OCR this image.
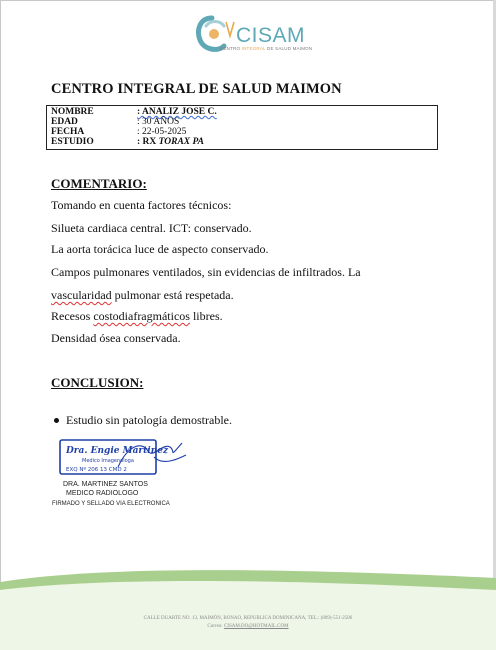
CISAM
CENTRO INTEGRAL DE SALUD MAIMON
CENTRO INTEGRAL DE SALUD MAIMON
NOMBRE	: ANALIZ JOSE C.
EDAD	: 30 AÑOS
FECHA	: 22-05-2025
ESTUDIO	: RX TORAX PA
COMENTARIO:
Tomando en cuenta factores técnicos:
Silueta cardiaca central. ICT: conservado.
La aorta torácica luce de aspecto conservado.
Campos pulmonares ventilados, sin evidencias de infiltrados. La
vascularidad pulmonar está respetada.
Recesos costodiafragmáticos libres.
Densidad ósea conservada.
CONCLUSION:
Estudio sin patología demostrable.
Dra. Engie Martinez
Medico Imagenologa
EXQ Nº 206 13 CMD 2
DRA. MARTINEZ SANTOS
MEDICO RADIOLOGO
FIRMADO Y SELLADO VIA ELECTRONICA
CALLE DUARTE NO. 13, MAIMÓN, BONAO, REPUBLICA DOMINICANA, TEL.: (809)-551-2586
Correo: CISAM.DO@HOTMAIL.COM
